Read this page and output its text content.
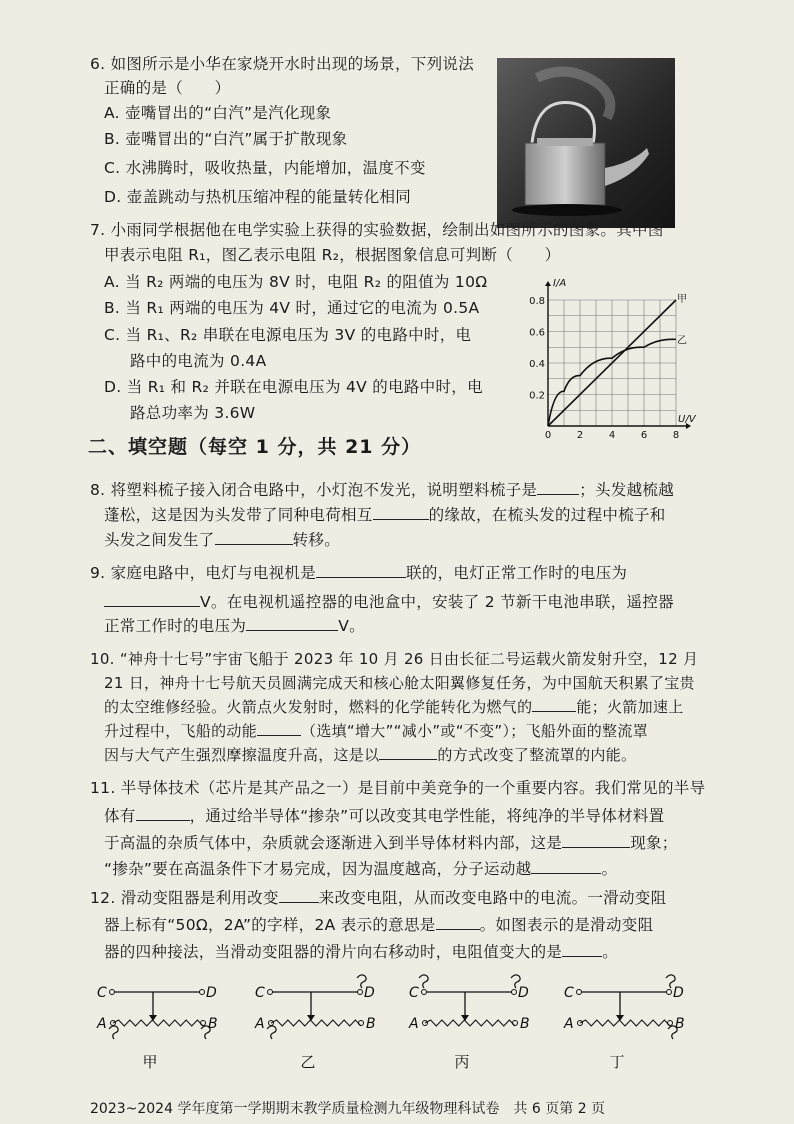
6. 如图所示是小华在家烧开水时出现的场景，下列说法
正确的是（　　）
A. 壶嘴冒出的“白汽”是汽化现象
B. 壶嘴冒出的“白汽”属于扩散现象
C. 水沸腾时，吸收热量，内能增加，温度不变
D. 壶盖跳动与热机压缩冲程的能量转化相同
7. 小雨同学根据他在电学实验上获得的实验数据，绘制出如图所示的图象。其中图
甲表示电阻 R₁，图乙表示电阻 R₂，根据图象信息可判断（　　）
A. 当 R₂ 两端的电压为 8V 时，电阻 R₂ 的阻值为 10Ω
B. 当 R₁ 两端的电压为 4V 时，通过它的电流为 0.5A
C. 当 R₁、R₂ 串联在电源电压为 3V 的电路中时，电
路中的电流为 0.4A
D. 当 R₁ 和 R₂ 并联在电源电压为 4V 的电路中时，电
路总功率为 3.6W
0.2
0.4
0.6
0.8
0	2	4	6	8
I/A
U/V
甲
乙
二、填空题（每空 1 分，共 21 分）
8. 将塑料梳子接入闭合电路中，小灯泡不发光，说明塑料梳子是	；头发越梳越
蓬松，这是因为头发带了同种电荷相互	的缘故，在梳头发的过程中梳子和
头发之间发生了	转移。
9. 家庭电路中，电灯与电视机是	联的，电灯正常工作时的电压为
V。在电视机遥控器的电池盒中，安装了 2 节新干电池串联，遥控器
正常工作时的电压为	V。
10. “神舟十七号”宇宙飞船于 2023 年 10 月 26 日由长征二号运载火箭发射升空，12 月
21 日，神舟十七号航天员圆满完成天和核心舱太阳翼修复任务，为中国航天积累了宝贵
的太空维修经验。火箭点火发射时，燃料的化学能转化为燃气的	能；火箭加速上
升过程中，飞船的动能	（选填“增大”“减小”或“不变”）；飞船外面的整流罩
因与大气产生强烈摩擦温度升高，这是以	的方式改变了整流罩的内能。
11. 半导体技术（芯片是其产品之一）是目前中美竞争的一个重要内容。我们常见的半导
体有	，通过给半导体“掺杂”可以改变其电学性能，将纯净的半导体材料置
于高温的杂质气体中，杂质就会逐渐进入到半导体材料内部，这是	现象；
“掺杂”要在高温条件下才易完成，因为温度越高，分子运动越	。
12. 滑动变阻器是利用改变	来改变电阻，从而改变电路中的电流。一滑动变阻
器上标有“50Ω，2A”的字样，2A 表示的意思是	。如图表示的是滑动变阻
器的四种接法，当滑动变阻器的滑片向右移动时，电阻值变大的是	。
C	D
A	B
甲
C	D
A	B
乙
C	D
A	B
丙
C	D
A	B
丁
2023~2024 学年度第一学期期末教学质量检测九年级物理科试卷　共 6 页第 2 页
